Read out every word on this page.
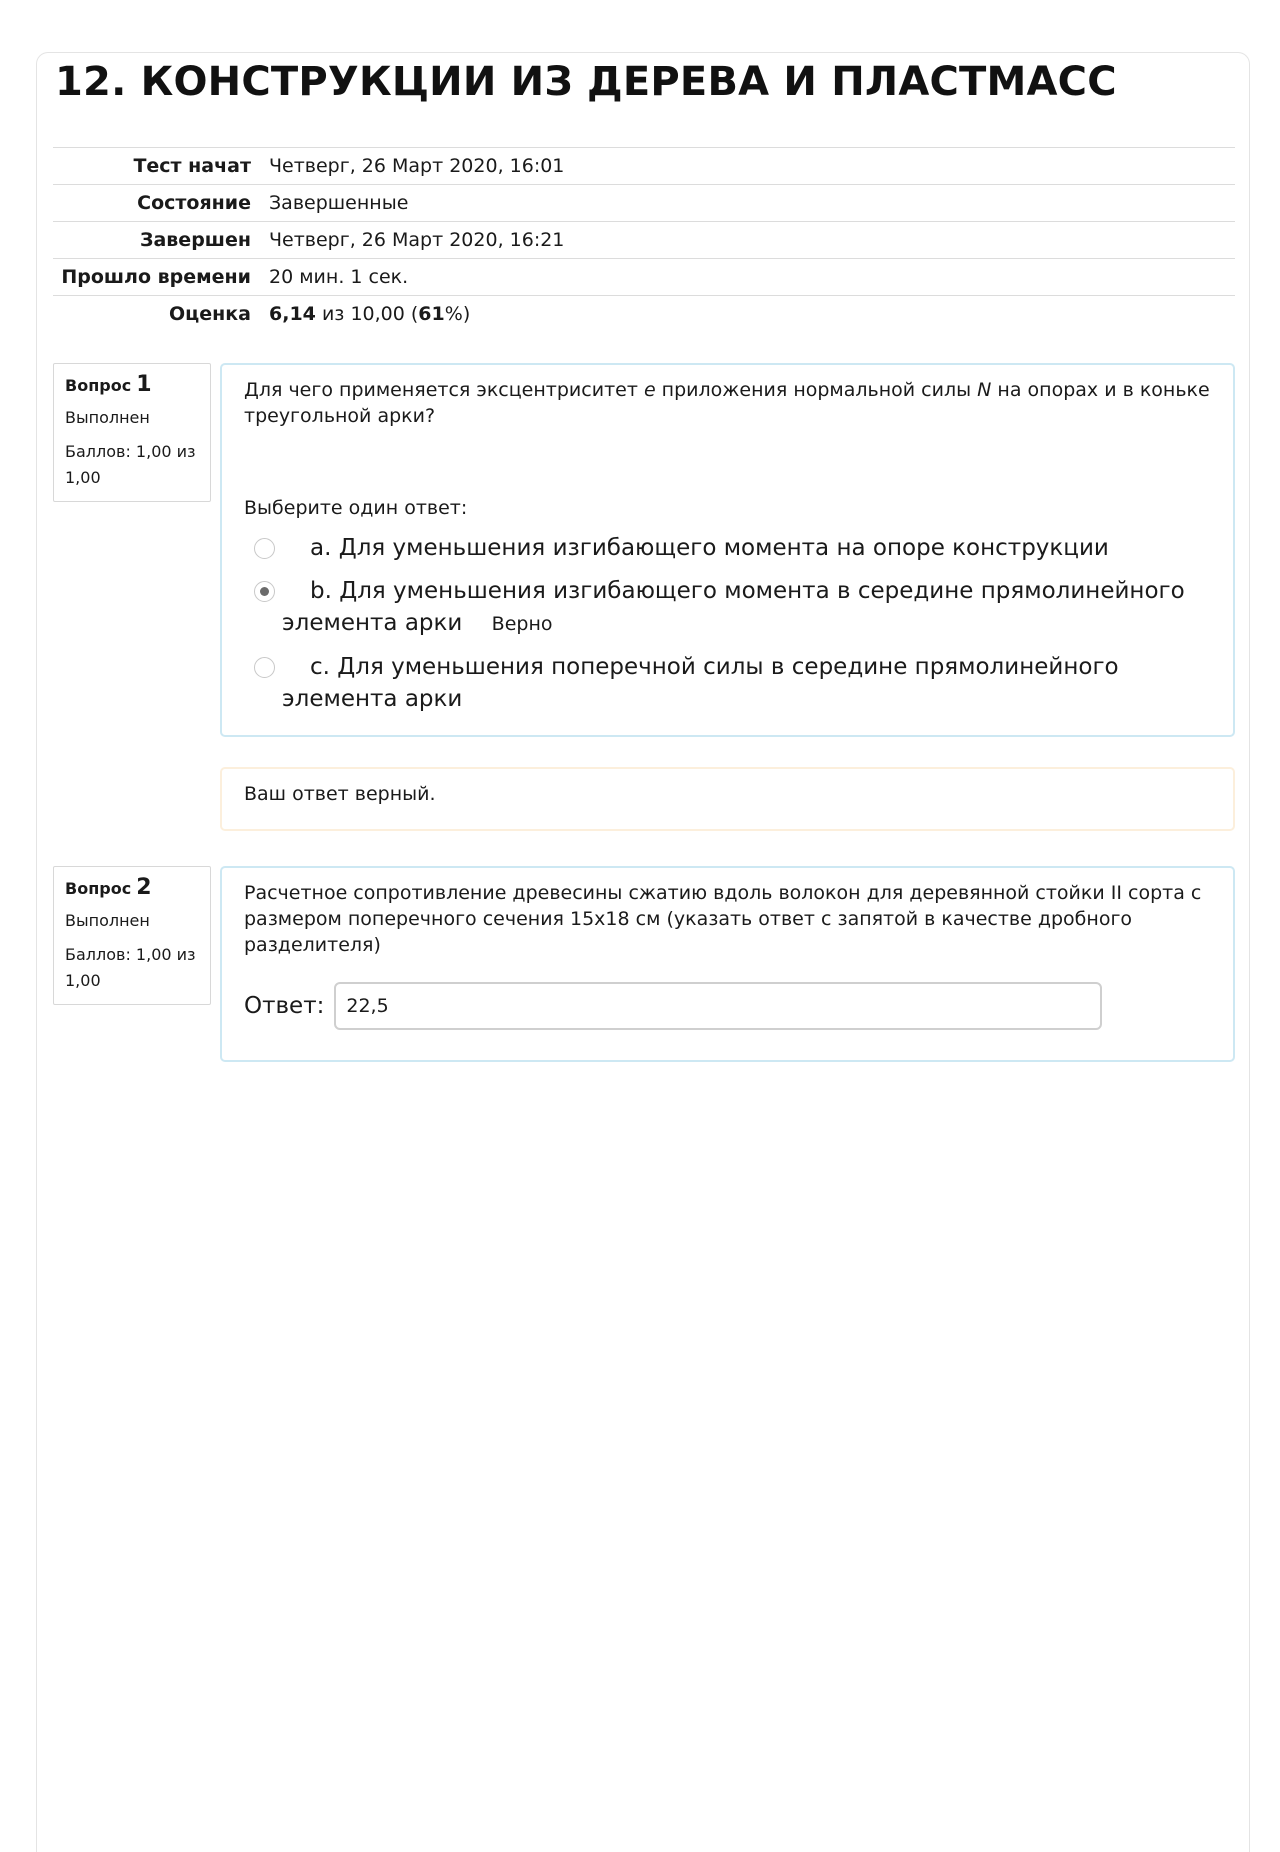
12. КОНСТРУКЦИИ ИЗ ДЕРЕВА И ПЛАСТМАСС
Тест начат	Четверг, 26 Март 2020, 16:01
Состояние	Завершенные
Завершен	Четверг, 26 Март 2020, 16:21
Прошло времени	20 мин. 1 сек.
Оценка	6,14 из 10,00 (61%)
Вопрос 1
Выполнен
Баллов: 1,00 из 1,00

Для чего применяется эксцентриситет e приложения нормальной силы N на опорах и в коньке треугольной арки?

Выберите один ответ:
a. Для уменьшения изгибающего момента на опоре конструкции
b. Для уменьшения изгибающего момента в середине прямолинейного элемента арки Верно
c. Для уменьшения поперечной силы в середине прямолинейного элемента арки
Ваш ответ верный.
Вопрос 2
Выполнен
Баллов: 1,00 из 1,00

Расчетное сопротивление древесины сжатию вдоль волокон для деревянной стойки II сорта с размером поперечного сечения 15х18 см (указать ответ с запятой в качестве дробного разделителя)

Ответ:
22,5
